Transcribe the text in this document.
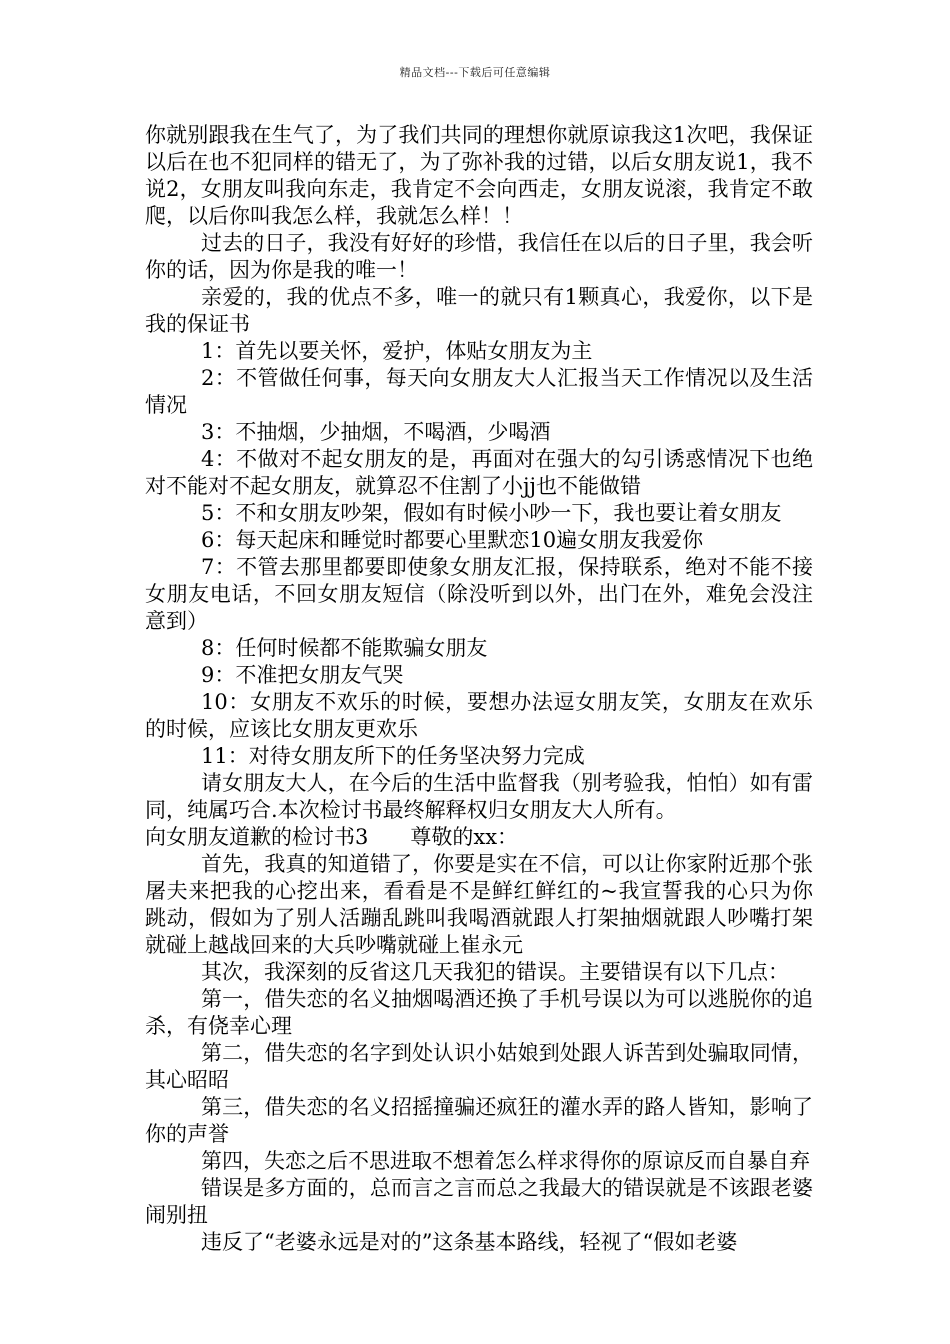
精品文档---下载后可任意编辑

你就别跟我在生气了，为了我们共同的理想你就原谅我这1次吧，我保证以后在也不犯同样的错无了，为了弥补我的过错，以后女朋友说1，我不说2，女朋友叫我向东走，我肯定不会向西走，女朋友说滚，我肯定不敢爬，以后你叫我怎么样，我就怎么样！！

过去的日子，我没有好好的珍惜，我信任在以后的日子里，我会听你的话，因为你是我的唯一！

亲爱的，我的优点不多，唯一的就只有1颗真心，我爱你，以下是我的保证书

1：首先以要关怀，爱护，体贴女朋友为主

2：不管做任何事，每天向女朋友大人汇报当天工作情况以及生活情况

3：不抽烟，少抽烟，不喝酒，少喝酒

4：不做对不起女朋友的是，再面对在强大的勾引诱惑情况下也绝对不能对不起女朋友，就算忍不住割了小jj也不能做错

5：不和女朋友吵架，假如有时候小吵一下，我也要让着女朋友

6：每天起床和睡觉时都要心里默恋10遍女朋友我爱你

7：不管去那里都要即使象女朋友汇报，保持联系，绝对不能不接女朋友电话，不回女朋友短信（除没听到以外，出门在外，难免会没注意到）

8：任何时候都不能欺骗女朋友

9：不准把女朋友气哭

10：女朋友不欢乐的时候，要想办法逗女朋友笑，女朋友在欢乐的时候，应该比女朋友更欢乐

11：对待女朋友所下的任务坚决努力完成

请女朋友大人，在今后的生活中监督我（别考验我，怕怕）如有雷同，纯属巧合.本次检讨书最终解释权归女朋友大人所有。

向女朋友道歉的检讨书3　　尊敬的xx：

首先，我真的知道错了，你要是实在不信，可以让你家附近那个张屠夫来把我的心挖出来，看看是不是鲜红鲜红的~我宣誓我的心只为你跳动，假如为了别人活蹦乱跳叫我喝酒就跟人打架抽烟就跟人吵嘴打架就碰上越战回来的大兵吵嘴就碰上崔永元

其次，我深刻的反省这几天我犯的错误。主要错误有以下几点：

第一，借失恋的名义抽烟喝酒还换了手机号误以为可以逃脱你的追杀，有侥幸心理

第二，借失恋的名字到处认识小姑娘到处跟人诉苦到处骗取同情，其心昭昭

第三，借失恋的名义招摇撞骗还疯狂的灌水弄的路人皆知，影响了你的声誉

第四，失恋之后不思进取不想着怎么样求得你的原谅反而自暴自弃

错误是多方面的，总而言之言而总之我最大的错误就是不该跟老婆闹别扭

违反了“老婆永远是对的”这条基本路线，轻视了“假如老婆
